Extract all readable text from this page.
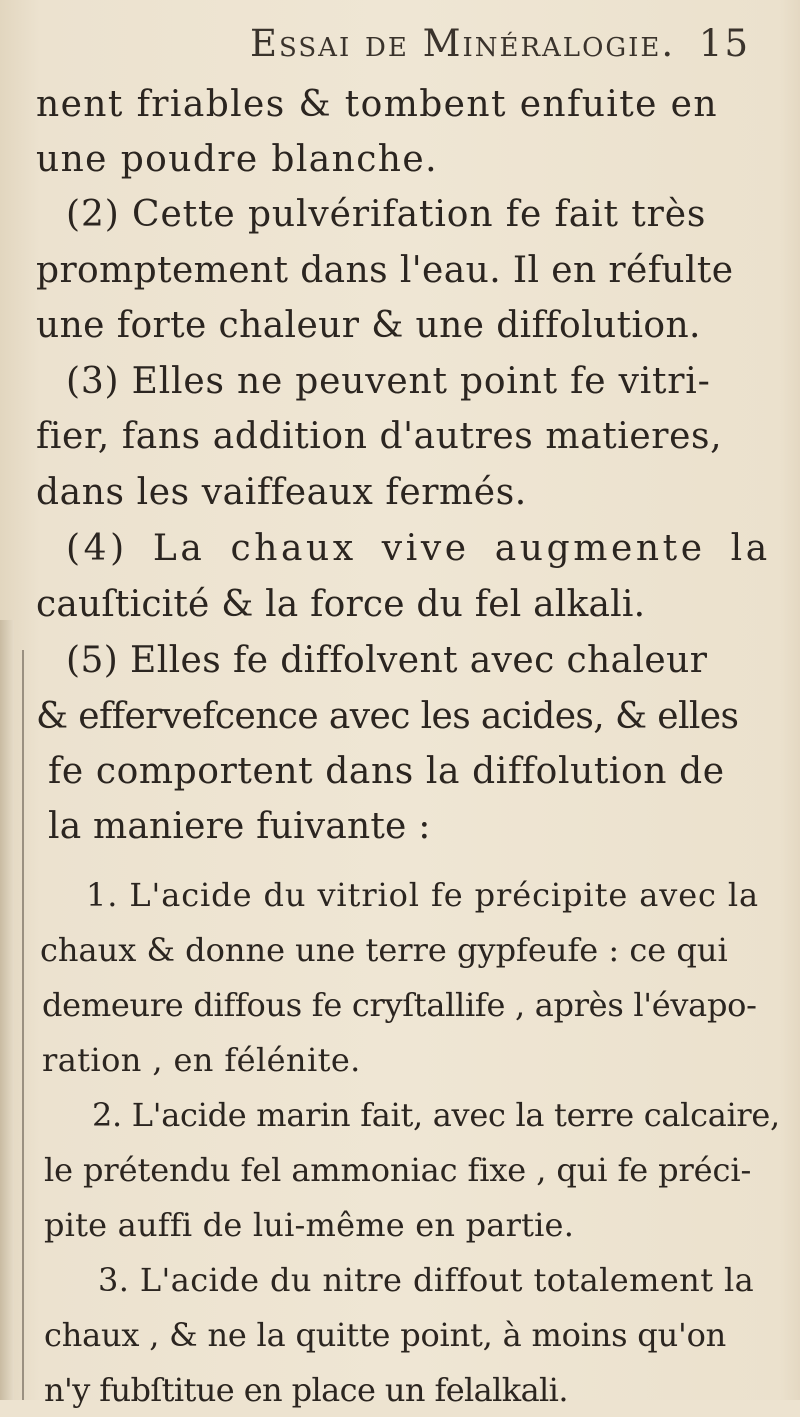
Essai de Minéralogie. 15
nent friables & tombent enfuite en
une poudre blanche.
(2) Cette pulvérifation fe fait très
promptement dans l'eau. Il en réfulte
une forte chaleur & une diffolution.
(3) Elles ne peuvent point fe vitri-
fier, fans addition d'autres matieres,
dans les vaiffeaux fermés.
(4) La chaux vive augmente la
cauſticité & la force du fel alkali.
(5) Elles fe diffolvent avec chaleur
& effervefcence avec les acides, & elles
fe comportent dans la diffolution de
la maniere fuivante :
1. L'acide du vitriol fe précipite avec la
chaux & donne une terre gypfeufe : ce qui
demeure diffous fe cryſtallife , après l'évapo-
ration , en félénite.
2. L'acide marin fait, avec la terre calcaire,
le prétendu fel ammoniac fixe , qui fe préci-
pite auffi de lui-même en partie.
3. L'acide du nitre diffout totalement la
chaux , & ne la quitte point, à moins qu'on
n'y fubſtitue en place un felalkali.
